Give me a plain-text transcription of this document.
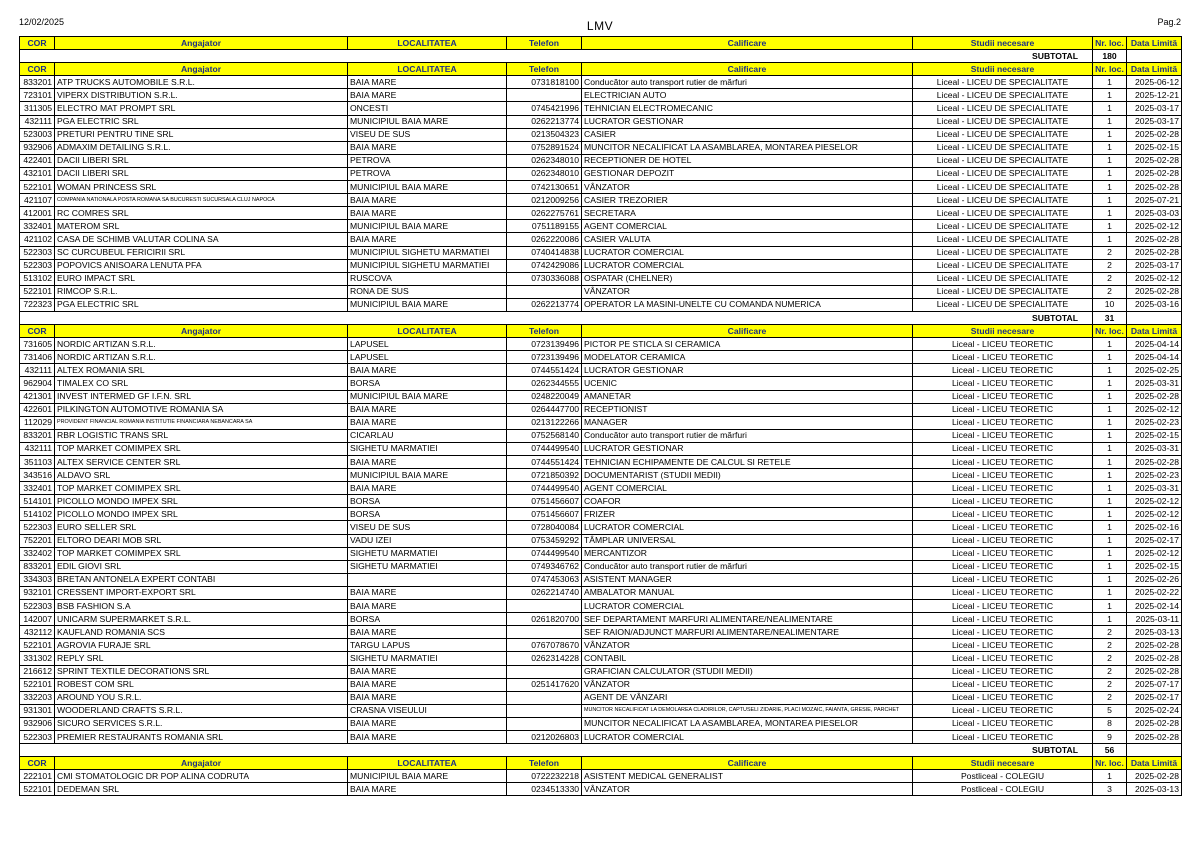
12/02/2025	LMV	Pag.2
COR	Angajator	LOCALITATEA	Telefon	Calificare	Studii necesare	Nr. loc.	Data Limită
SUBTOTAL						180	
COR	Angajator	LOCALITATEA	Telefon	Calificare	Studii necesare	Nr. loc.	Data Limită
833201	ATP TRUCKS AUTOMOBILE S.R.L.	BAIA MARE	0731818100	Conducător auto transport rutier de mărfuri	Liceal - LICEU DE SPECIALITATE	1	2025-06-12
723101	VIPERX DISTRIBUTION S.R.L.	BAIA MARE		ELECTRICIAN AUTO	Liceal - LICEU DE SPECIALITATE	1	2025-12-21
311305	ELECTRO MAT PROMPT SRL	ONCESTI	0745421996	TEHNICIAN ELECTROMECANIC	Liceal - LICEU DE SPECIALITATE	1	2025-03-17
432111	PGA ELECTRIC SRL	MUNICIPIUL BAIA MARE	0262213774	LUCRATOR GESTIONAR	Liceal - LICEU DE SPECIALITATE	1	2025-03-17
523003	PRETURI PENTRU TINE SRL	VISEU DE SUS	0213504323	CASIER	Liceal - LICEU DE SPECIALITATE	1	2025-02-28
932906	ADMAXIM DETAILING S.R.L.	BAIA MARE	0752891524	MUNCITOR NECALIFICAT LA ASAMBLAREA, MONTAREA PIESELOR	Liceal - LICEU DE SPECIALITATE	1	2025-02-15
422401	DACII LIBERI SRL	PETROVA	0262348010	RECEPTIONER DE HOTEL	Liceal - LICEU DE SPECIALITATE	1	2025-02-28
432101	DACII LIBERI SRL	PETROVA	0262348010	GESTIONAR DEPOZIT	Liceal - LICEU DE SPECIALITATE	1	2025-02-28
522101	WOMAN PRINCESS SRL	MUNICIPIUL BAIA MARE	0742130651	VÂNZATOR	Liceal - LICEU DE SPECIALITATE	1	2025-02-28
421107	COMPANIA NATIONALA POSTA ROMANA SA BUCURESTI SUCURSALA CLUJ NAPOCA	BAIA MARE	0212009256	CASIER TREZORIER	Liceal - LICEU DE SPECIALITATE	1	2025-07-21
412001	RC COMRES SRL	BAIA MARE	0262275761	SECRETARA	Liceal - LICEU DE SPECIALITATE	1	2025-03-03
332401	MATEROM SRL	MUNICIPIUL BAIA MARE	0751189155	AGENT COMERCIAL	Liceal - LICEU DE SPECIALITATE	1	2025-02-12
421102	CASA DE SCHIMB VALUTAR COLINA SA	BAIA MARE	0262220086	CASIER VALUTA	Liceal - LICEU DE SPECIALITATE	1	2025-02-28
522303	SC CURCUBEUL FERICIRII SRL	MUNICIPIUL SIGHETU MARMATIEI	0740414838	LUCRATOR COMERCIAL	Liceal - LICEU DE SPECIALITATE	2	2025-02-28
522303	POPOVICS ANISOARA LENUTA PFA	MUNICIPIUL SIGHETU MARMATIEI	0742429086	LUCRATOR COMERCIAL	Liceal - LICEU DE SPECIALITATE	2	2025-03-17
513102	EURO IMPACT SRL	RUSCOVA	0730336088	OSPATAR (CHELNER)	Liceal - LICEU DE SPECIALITATE	2	2025-02-12
522101	RIMCOP S.R.L.	RONA DE SUS		VÂNZATOR	Liceal - LICEU DE SPECIALITATE	2	2025-02-28
722323	PGA ELECTRIC SRL	MUNICIPIUL BAIA MARE	0262213774	OPERATOR LA MASINI-UNELTE CU COMANDA NUMERICA	Liceal - LICEU DE SPECIALITATE	10	2025-03-16
SUBTOTAL						31	
COR	Angajator	LOCALITATEA	Telefon	Calificare	Studii necesare	Nr. loc.	Data Limită
731605	NORDIC ARTIZAN S.R.L.	LAPUSEL	0723139496	PICTOR PE STICLA SI CERAMICA	Liceal - LICEU TEORETIC	1	2025-04-14
731406	NORDIC ARTIZAN S.R.L.	LAPUSEL	0723139496	MODELATOR CERAMICA	Liceal - LICEU TEORETIC	1	2025-04-14
432111	ALTEX ROMANIA SRL	BAIA MARE	0744551424	LUCRATOR GESTIONAR	Liceal - LICEU TEORETIC	1	2025-02-25
962904	TIMALEX CO SRL	BORSA	0262344555	UCENIC	Liceal - LICEU TEORETIC	1	2025-03-31
421301	INVEST INTERMED GF I.F.N. SRL	MUNICIPIUL BAIA MARE	0248220049	AMANETAR	Liceal - LICEU TEORETIC	1	2025-02-28
422601	PILKINGTON AUTOMOTIVE ROMANIA SA	BAIA MARE	0264447700	RECEPTIONIST	Liceal - LICEU TEORETIC	1	2025-02-12
112029	PROVIDENT FINANCIAL ROMANIA INSTITUTIE FINANCIARA NEBANCARA SA	BAIA MARE	0213122266	MANAGER	Liceal - LICEU TEORETIC	1	2025-02-23
833201	RBR LOGISTIC TRANS SRL	CICARLAU	0752568140	Conducător auto transport rutier de mărfuri	Liceal - LICEU TEORETIC	1	2025-02-15
432111	TOP MARKET COMIMPEX SRL	SIGHETU MARMATIEI	0744499540	LUCRATOR GESTIONAR	Liceal - LICEU TEORETIC	1	2025-03-31
351103	ALTEX SERVICE CENTER SRL	BAIA MARE	0744551424	TEHNICIAN ECHIPAMENTE DE CALCUL SI RETELE	Liceal - LICEU TEORETIC	1	2025-02-28
343516	ALDAVO SRL	MUNICIPIUL BAIA MARE	0721850392	DOCUMENTARIST (STUDII MEDII)	Liceal - LICEU TEORETIC	1	2025-02-23
332401	TOP MARKET COMIMPEX SRL	BAIA MARE	0744499540	AGENT COMERCIAL	Liceal - LICEU TEORETIC	1	2025-03-31
514101	PICOLLO MONDO IMPEX SRL	BORSA	0751456607	COAFOR	Liceal - LICEU TEORETIC	1	2025-02-12
514102	PICOLLO MONDO IMPEX SRL	BORSA	0751456607	FRIZER	Liceal - LICEU TEORETIC	1	2025-02-12
522303	EURO SELLER SRL	VISEU DE SUS	0728040084	LUCRATOR COMERCIAL	Liceal - LICEU TEORETIC	1	2025-02-16
752201	ELTORO DEARI MOB SRL	VADU IZEI	0753459292	TÂMPLAR UNIVERSAL	Liceal - LICEU TEORETIC	1	2025-02-17
332402	TOP MARKET COMIMPEX SRL	SIGHETU MARMATIEI	0744499540	MERCANTIZOR	Liceal - LICEU TEORETIC	1	2025-02-12
833201	EDIL GIOVI SRL	SIGHETU MARMATIEI	0749346762	Conducător auto transport rutier de mărfuri	Liceal - LICEU TEORETIC	1	2025-02-15
334303	BRETAN ANTONELA EXPERT CONTABI		0747453063	ASISTENT MANAGER	Liceal - LICEU TEORETIC	1	2025-02-26
932101	CRESSENT IMPORT-EXPORT SRL	BAIA MARE	0262214740	AMBALATOR MANUAL	Liceal - LICEU TEORETIC	1	2025-02-22
522303	BSB FASHION S.A	BAIA MARE		LUCRATOR COMERCIAL	Liceal - LICEU TEORETIC	1	2025-02-14
142007	UNICARM SUPERMARKET S.R.L.	BORSA	0261820700	SEF DEPARTAMENT MARFURI ALIMENTARE/NEALIMENTARE	Liceal - LICEU TEORETIC	1	2025-03-11
432112	KAUFLAND ROMANIA SCS	BAIA MARE		SEF RAION/ADJUNCT MARFURI ALIMENTARE/NEALIMENTARE	Liceal - LICEU TEORETIC	2	2025-03-13
522101	AGROVIA FURAJE SRL	TARGU LAPUS	0767078670	VÂNZATOR	Liceal - LICEU TEORETIC	2	2025-02-28
331302	REPLY SRL	SIGHETU MARMATIEI	0262314228	CONTABIL	Liceal - LICEU TEORETIC	2	2025-02-28
216612	SPRINT TEXTILE DECORATIONS SRL	BAIA MARE		GRAFICIAN CALCULATOR (STUDII MEDII)	Liceal - LICEU TEORETIC	2	2025-02-28
522101	ROBEST COM SRL	BAIA MARE	0251417620	VÂNZATOR	Liceal - LICEU TEORETIC	2	2025-07-17
332203	AROUND YOU S.R.L.	BAIA MARE		AGENT DE VÂNZARI	Liceal - LICEU TEORETIC	2	2025-02-17
931301	WOODERLAND CRAFTS S.R.L.	CRASNA VISEULUI		MUNCITOR NECALIFICAT LA DEMOLAREA CLADIRILOR, CAPTUSELI ZIDARIE, PLACI MOZAIC, FAIANTA, GRESIE, PARCHET	Liceal - LICEU TEORETIC	5	2025-02-24
932906	SICURO SERVICES S.R.L.	BAIA MARE		MUNCITOR NECALIFICAT LA ASAMBLAREA, MONTAREA PIESELOR	Liceal - LICEU TEORETIC	8	2025-02-28
522303	PREMIER RESTAURANTS ROMANIA SRL	BAIA MARE	0212026803	LUCRATOR COMERCIAL	Liceal - LICEU TEORETIC	9	2025-02-28
SUBTOTAL						56	
COR	Angajator	LOCALITATEA	Telefon	Calificare	Studii necesare	Nr. loc.	Data Limită
222101	CMI STOMATOLOGIC DR POP ALINA CODRUTA	MUNICIPIUL BAIA MARE	0722232218	ASISTENT MEDICAL GENERALIST	Postliceal - COLEGIU	1	2025-02-28
522101	DEDEMAN SRL	BAIA MARE	0234513330	VÂNZATOR	Postliceal - COLEGIU	3	2025-03-13
